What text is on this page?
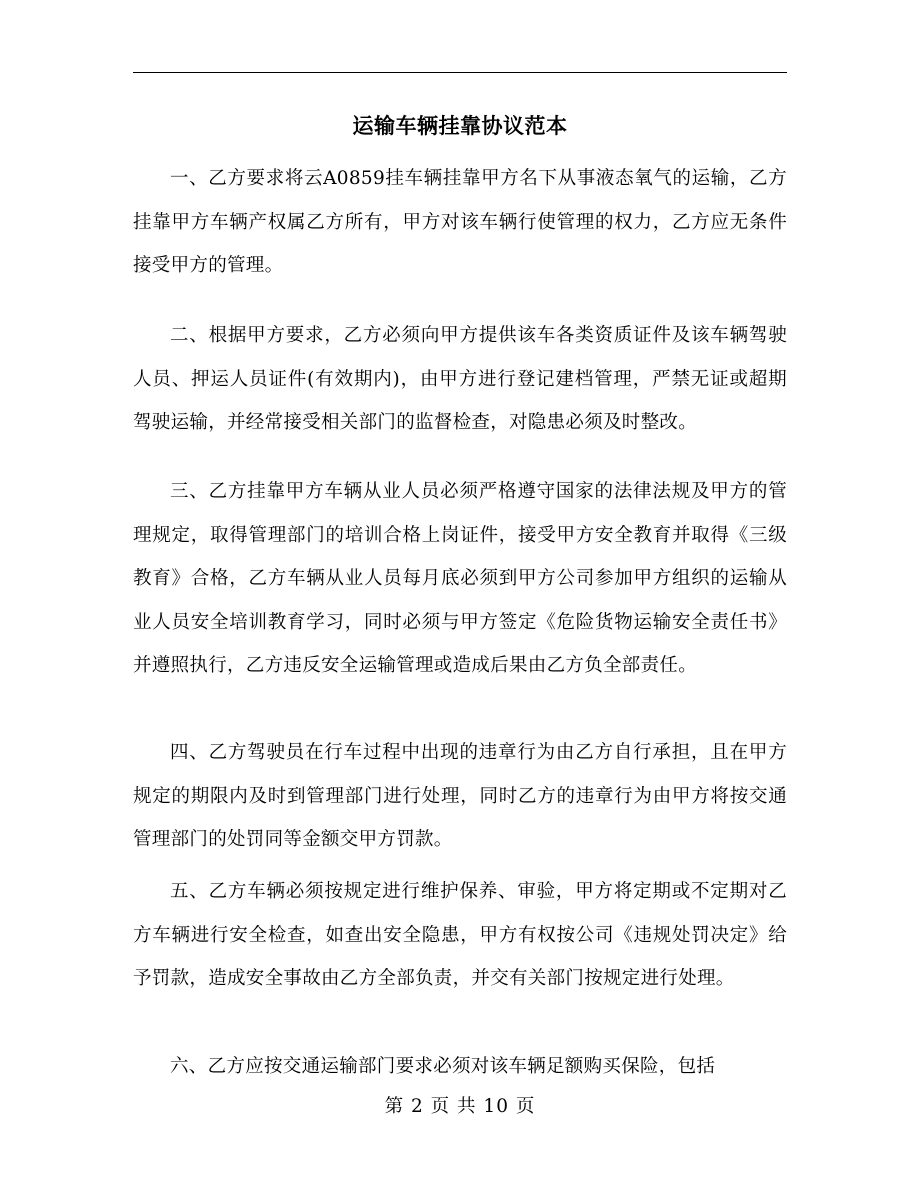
运输车辆挂靠协议范本

一、乙方要求将云A0859挂车辆挂靠甲方名下从事液态氧气的运输，乙方挂靠甲方车辆产权属乙方所有，甲方对该车辆行使管理的权力，乙方应无条件接受甲方的管理。

二、根据甲方要求，乙方必须向甲方提供该车各类资质证件及该车辆驾驶人员、押运人员证件(有效期内)，由甲方进行登记建档管理，严禁无证或超期驾驶运输，并经常接受相关部门的监督检查，对隐患必须及时整改。

三、乙方挂靠甲方车辆从业人员必须严格遵守国家的法律法规及甲方的管理规定，取得管理部门的培训合格上岗证件，接受甲方安全教育并取得《三级教育》合格，乙方车辆从业人员每月底必须到甲方公司参加甲方组织的运输从业人员安全培训教育学习，同时必须与甲方签定《危险货物运输安全责任书》并遵照执行，乙方违反安全运输管理或造成后果由乙方负全部责任。

四、乙方驾驶员在行车过程中出现的违章行为由乙方自行承担，且在甲方规定的期限内及时到管理部门进行处理，同时乙方的违章行为由甲方将按交通管理部门的处罚同等金额交甲方罚款。

五、乙方车辆必须按规定进行维护保养、审验，甲方将定期或不定期对乙方车辆进行安全检查，如查出安全隐患，甲方有权按公司《违规处罚决定》给予罚款，造成安全事故由乙方全部负责，并交有关部门按规定进行处理。

六、乙方应按交通运输部门要求必须对该车辆足额购买保险，包括

第 2 页 共 10 页
